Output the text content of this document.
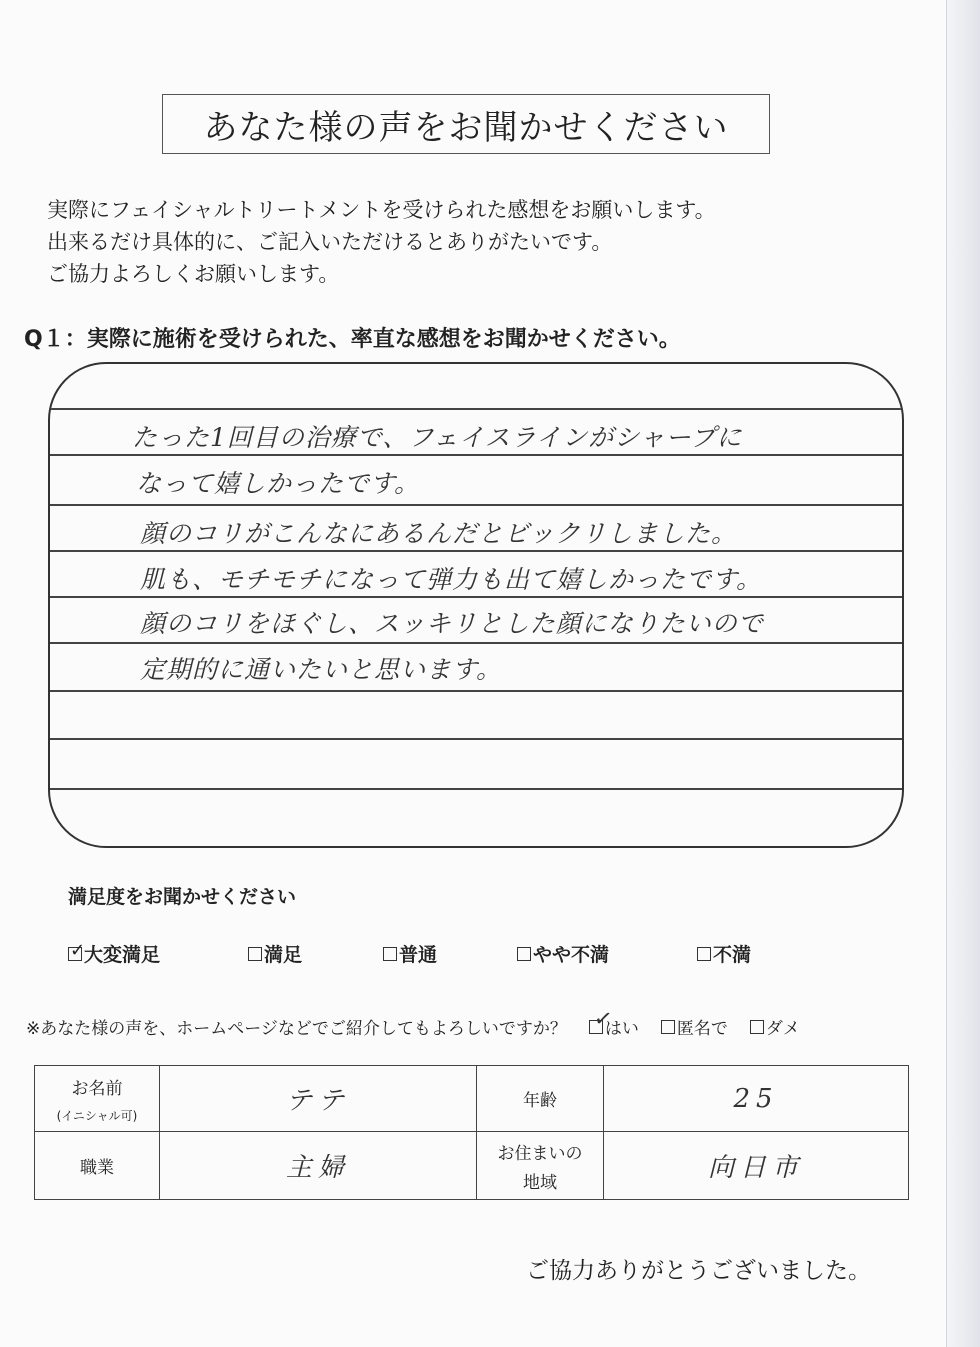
あなた様の声をお聞かせください
実際にフェイシャルトリートメントを受けられた感想をお願いします。
出来るだけ具体的に、ご記入いただけるとありがたいです。
ご協力よろしくお願いします。
Q１：実際に施術を受けられた、率直な感想をお聞かせください。
たった1回目の治療で、フェイスラインがシャープに
なって嬉しかったです。
顔のコリがこんなにあるんだとビックリしました。
肌も、モチモチになって弾力も出て嬉しかったです。
顔のコリをほぐし、スッキリとした顔になりたいので
定期的に通いたいと思います。
満足度をお聞かせください
✓
大変満足	満足	普通	やや不満	不満
※あなた様の声を、ホームページなどでご紹介してもよろしいですか？ ✓
はい 匿名で ダメ
お名前
(イニシャル可)	テテ	年齢	25
職業	主婦	お住まいの
地域	向日市
ご協力ありがとうございました。
